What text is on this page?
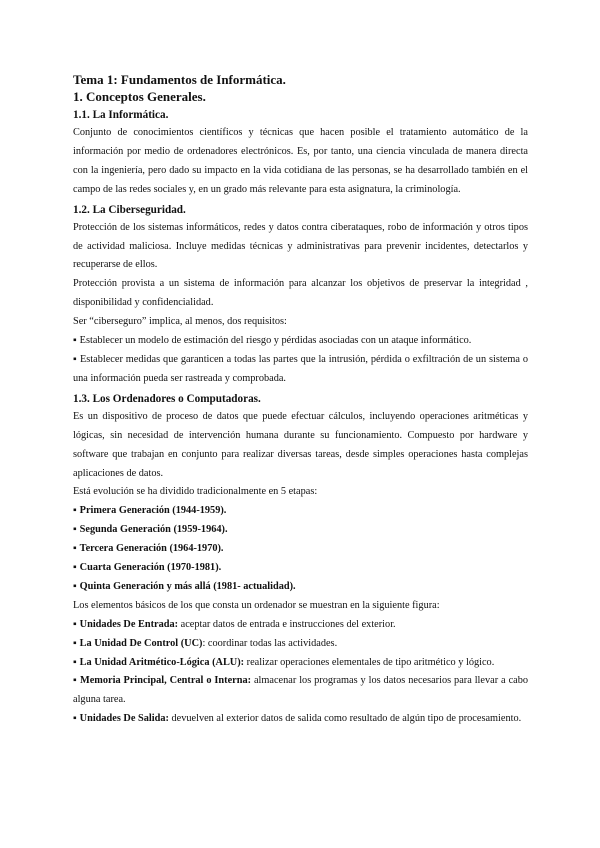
Tema 1: Fundamentos de Informática.

1. Conceptos Generales.

1.1. La Informática.

Conjunto de conocimientos científicos y técnicas que hacen posible el tratamiento automático de la información por medio de ordenadores electrónicos. Es, por tanto, una ciencia vinculada de manera directa con la ingeniería, pero dado su impacto en la vida cotidiana de las personas, se ha desarrollado también en el campo de las redes sociales y, en un grado más relevante para esta asignatura, la criminología.

1.2. La Ciberseguridad.

Protección de los sistemas informáticos, redes y datos contra ciberataques, robo de información y otros tipos de actividad maliciosa. Incluye medidas técnicas y administrativas para prevenir incidentes, detectarlos y recuperarse de ellos.

Protección provista a un sistema de información para alcanzar los objetivos de preservar la integridad , disponibilidad y confidencialidad.

Ser “ciberseguro” implica, al menos, dos requisitos:

▪ Establecer un modelo de estimación del riesgo y pérdidas asociadas con un ataque informático.

▪ Establecer medidas que garanticen a todas las partes que la intrusión, pérdida o exfiltración de un sistema o una información pueda ser rastreada y comprobada.

1.3. Los Ordenadores o Computadoras.

Es un dispositivo de proceso de datos que puede efectuar cálculos, incluyendo operaciones aritméticas y lógicas, sin necesidad de intervención humana durante su funcionamiento. Compuesto por hardware y software que trabajan en conjunto para realizar diversas tareas, desde simples operaciones hasta complejas aplicaciones de datos.

Está evolución se ha dividido tradicionalmente en 5 etapas:

▪ Primera Generación (1944-1959).

▪ Segunda Generación (1959-1964).

▪ Tercera Generación (1964-1970).

▪ Cuarta Generación (1970-1981).

▪ Quinta Generación y más allá (1981- actualidad).

Los elementos básicos de los que consta un ordenador se muestran en la siguiente figura:

▪ Unidades De Entrada: aceptar datos de entrada e instrucciones del exterior.

▪ La Unidad De Control (UC): coordinar todas las actividades.

▪ La Unidad Aritmético-Lógica (ALU): realizar operaciones elementales de tipo aritmético y lógico.

▪ Memoria Principal, Central o Interna: almacenar los programas y los datos necesarios para llevar a cabo alguna tarea.

▪ Unidades De Salida: devuelven al exterior datos de salida como resultado de algún tipo de procesamiento.
